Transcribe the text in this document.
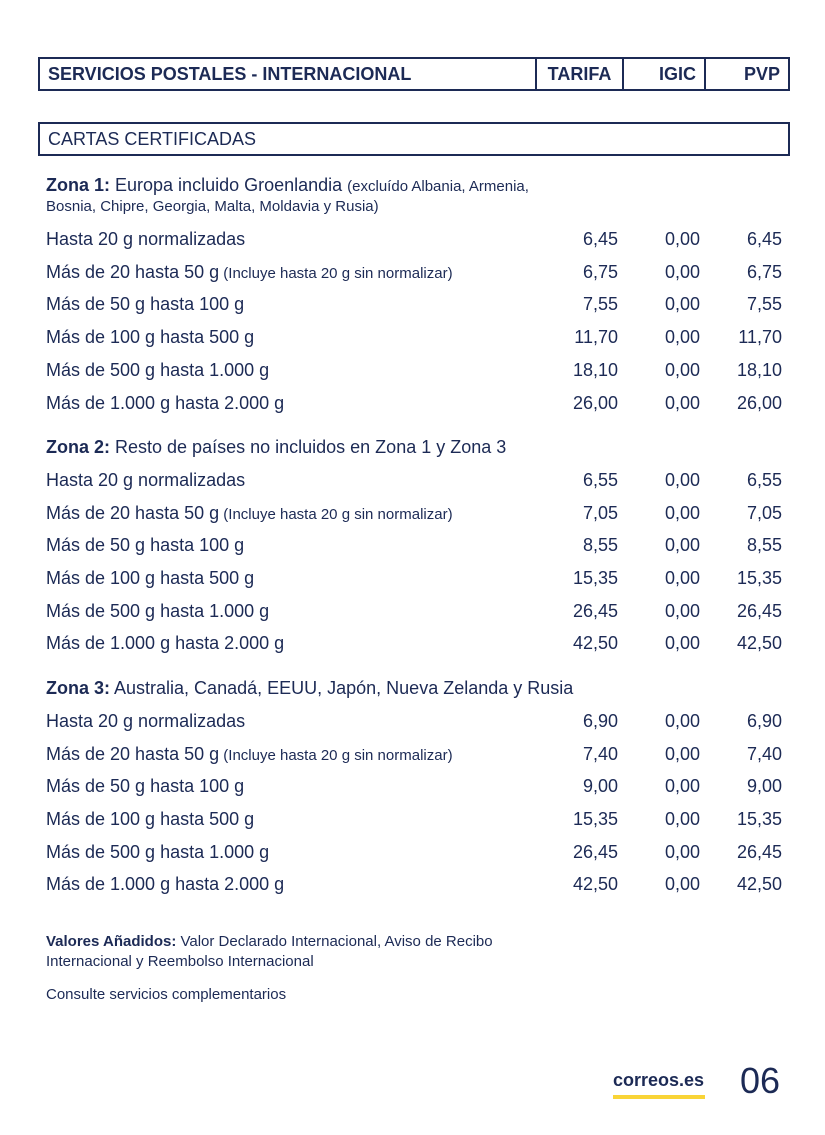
SERVICIOS POSTALES - INTERNACIONAL	TARIFA	IGIC	PVP
CARTAS CERTIFICADAS
Zona 1: Europa incluido Groenlandia (excluído Albania, Armenia,
Bosnia, Chipre, Georgia, Malta, Moldavia y Rusia)
Hasta 20 g normalizadas	6,45	0,00	6,45
Más de 20 hasta 50 g (Incluye hasta 20 g sin normalizar)	6,75	0,00	6,75
Más de 50 g hasta 100 g	7,55	0,00	7,55
Más de 100 g hasta 500 g	11,70	0,00	11,70
Más de 500 g hasta 1.000 g	18,10	0,00	18,10
Más de 1.000 g hasta 2.000 g	26,00	0,00	26,00
Zona 2: Resto de países no incluidos en Zona 1 y Zona 3
Hasta 20 g normalizadas	6,55	0,00	6,55
Más de 20 hasta 50 g (Incluye hasta 20 g sin normalizar)	7,05	0,00	7,05
Más de 50 g hasta 100 g	8,55	0,00	8,55
Más de 100 g hasta 500 g	15,35	0,00	15,35
Más de 500 g hasta 1.000 g	26,45	0,00	26,45
Más de 1.000 g hasta 2.000 g	42,50	0,00	42,50
Zona 3: Australia, Canadá, EEUU, Japón, Nueva Zelanda y Rusia
Hasta 20 g normalizadas	6,90	0,00	6,90
Más de 20 hasta 50 g (Incluye hasta 20 g sin normalizar)	7,40	0,00	7,40
Más de 50 g hasta 100 g	9,00	0,00	9,00
Más de 100 g hasta 500 g	15,35	0,00	15,35
Más de 500 g hasta 1.000 g	26,45	0,00	26,45
Más de 1.000 g hasta 2.000 g	42,50	0,00	42,50
Valores Añadidos: Valor Declarado Internacional, Aviso de Recibo
Internacional y Reembolso Internacional
Consulte servicios complementarios
correos.es 06
